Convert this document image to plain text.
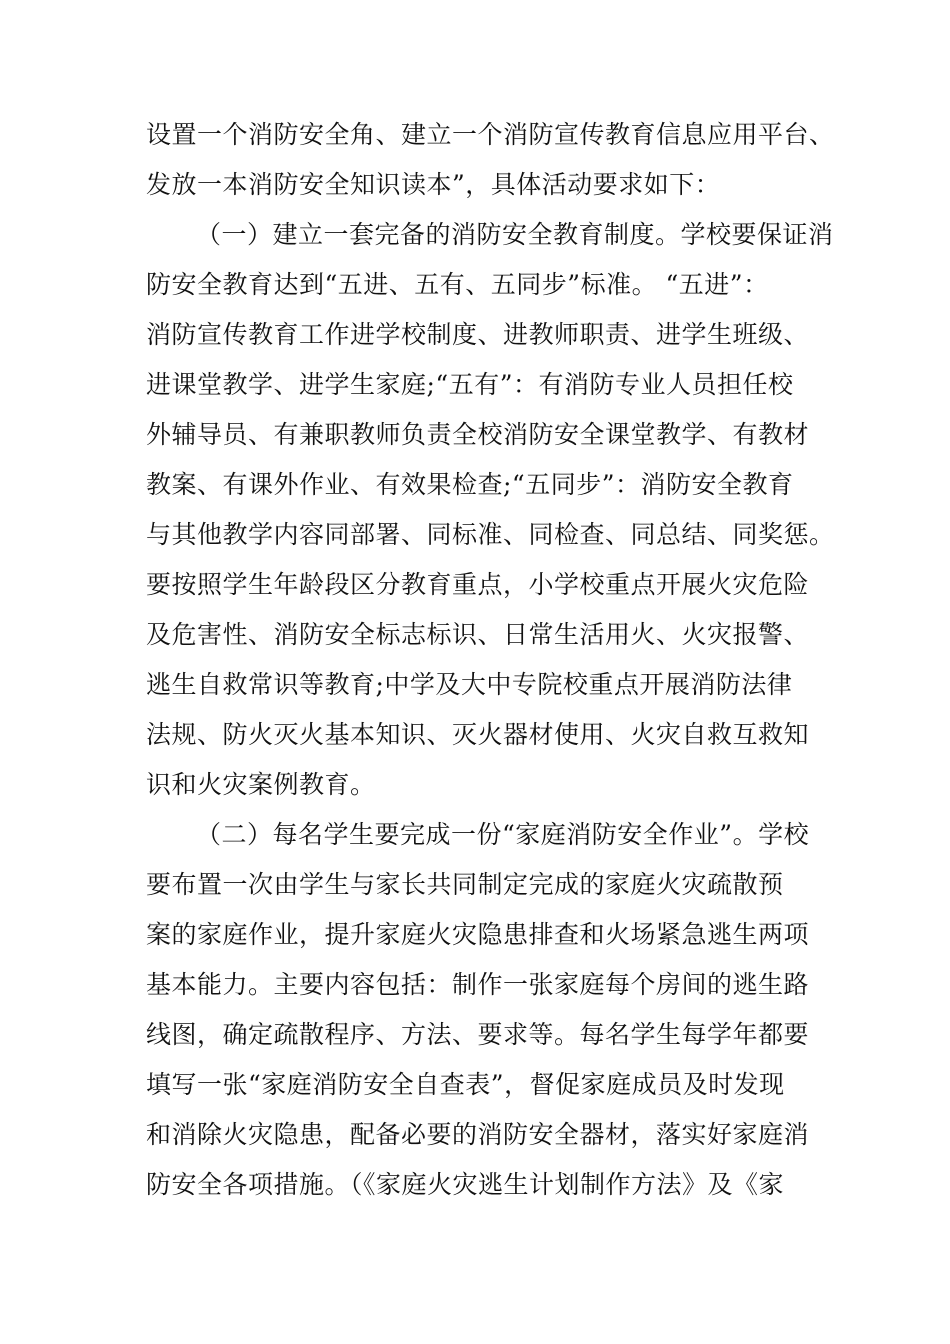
设置一个消防安全角、建立一个消防宣传教育信息应用平台、
发放一本消防安全知识读本”，具体活动要求如下：
（一）建立一套完备的消防安全教育制度。学校要保证消
防安全教育达到“五进、五有、五同步”标准。 “五进”：
消防宣传教育工作进学校制度、进教师职责、进学生班级、
进课堂教学、进学生家庭;“五有”：有消防专业人员担任校
外辅导员、有兼职教师负责全校消防安全课堂教学、有教材
教案、有课外作业、有效果检查;“五同步”：消防安全教育
与其他教学内容同部署、同标准、同检查、同总结、同奖惩。
要按照学生年龄段区分教育重点，小学校重点开展火灾危险
及危害性、消防安全标志标识、日常生活用火、火灾报警、
逃生自救常识等教育;中学及大中专院校重点开展消防法律
法规、防火灭火基本知识、灭火器材使用、火灾自救互救知
识和火灾案例教育。
（二）每名学生要完成一份“家庭消防安全作业”。学校
要布置一次由学生与家长共同制定完成的家庭火灾疏散预
案的家庭作业，提升家庭火灾隐患排查和火场紧急逃生两项
基本能力。主要内容包括：制作一张家庭每个房间的逃生路
线图，确定疏散程序、方法、要求等。每名学生每学年都要
填写一张“家庭消防安全自查表”，督促家庭成员及时发现
和消除火灾隐患，配备必要的消防安全器材，落实好家庭消
防安全各项措施。（《家庭火灾逃生计划制作方法》及《家
